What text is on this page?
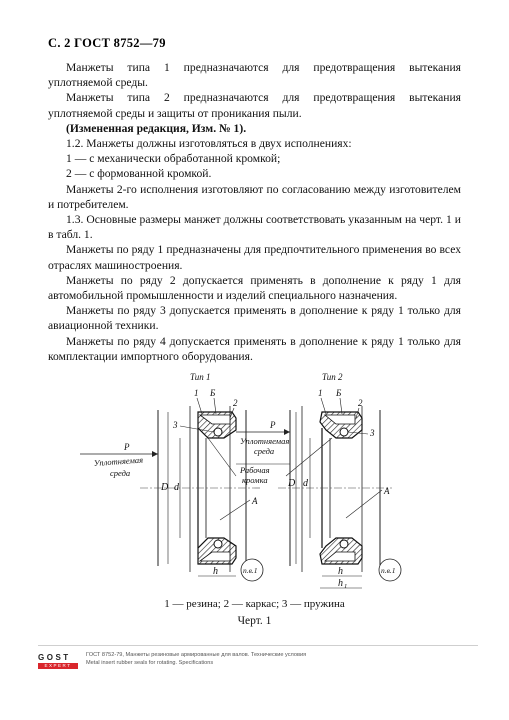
С. 2 ГОСТ 8752—79

Манжеты типа 1 предназначаются для предотвращения вытекания уплотняемой среды.

Манжеты типа 2 предназначаются для предотвращения вытекания уплотняемой среды и защиты от проникания пыли.

(Измененная редакция, Изм. № 1).

1.2. Манжеты должны изготовляться в двух исполнениях:

1 — с механически обработанной кромкой;

2 — с формованной кромкой.

Манжеты 2-го исполнения изготовляют по согласованию между изготовителем и потребителем.

1.3. Основные размеры манжет должны соответствовать указанным на черт. 1 и в табл. 1.

Манжеты по ряду 1 предназначены для предпочтительного применения во всех отраслях машиностроения.

Манжеты по ряду 2 допускается применять в дополнение к ряду 1 для автомобильной промышленности и изделий специального назначения.

Манжеты по ряду 3 допускается применять в дополнение к ряду 1 только для авиационной техники.

Манжеты по ряду 4 допускается применять в дополнение к ряду 1 только для комплектации импортного оборудования.

D d
h
Тип 1
1 Б
2
3
P
Уплотняемая
среда
А
п.в.1
D d
h
h 1
Тип 2
1 Б
2
3
P
Уплотняемая
среда
Рабочая
кромка
А
п.в.1
1 — резина; 2 — каркас; 3 — пружина
Черт. 1
GOST
EXPERT
ГОСТ 8752-79, Манжеты резиновые армированные для валов. Технические условия
Metal insert rubber seals for rotating. Specifications
